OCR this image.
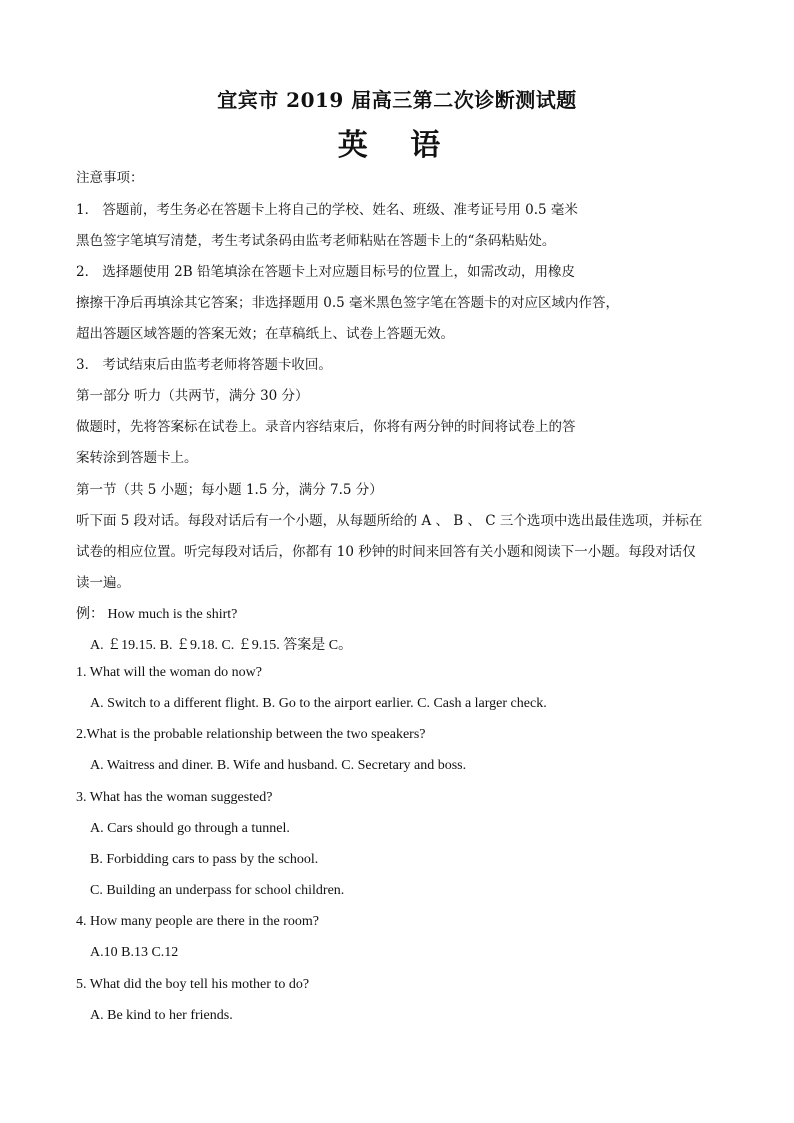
宜宾市 2019 届高三第二次诊断测试题
英 语
注意事项：
1． 答题前，考生务必在答题卡上将自己的学校、姓名、班级、准考证号用 0.5 毫米
黑色签字笔填写清楚，考生考试条码由监考老师粘贴在答题卡上的“条码粘贴处。
2． 选择题使用 2B 铅笔填涂在答题卡上对应题目标号的位置上，如需改动，用橡皮
擦擦干净后再填涂其它答案；非选择题用 0.5 毫米黑色签字笔在答题卡的对应区域内作答，
超出答题区域答题的答案无效；在草稿纸上、试卷上答题无效。
3． 考试结束后由监考老师将答题卡收回。
第一部分 听力（共两节，满分 30 分）
做题时，先将答案标在试卷上。录音内容结束后，你将有两分钟的时间将试卷上的答
案转涂到答题卡上。
第一节（共 5 小题；每小题 1.5 分，满分 7.5 分）
听下面 5 段对话。每段对话后有一个小题，从每题所给的 A 、 B 、 C 三个选项中选出最佳选项，并标在
试卷的相应位置。听完每段对话后，你都有 10 秒钟的时间来回答有关小题和阅读下一小题。每段对话仅
读一遍。
例： How much is the shirt?
A. ￡19.15. B. ￡9.18. C. ￡9.15. 答案是 C。
1. What will the woman do now?
A. Switch to a different flight. B. Go to the airport earlier. C. Cash a larger check.
2.What is the probable relationship between the two speakers?
A. Waitress and diner. B. Wife and husband. C. Secretary and boss.
3. What has the woman suggested?
A. Cars should go through a tunnel.
B. Forbidding cars to pass by the school.
C. Building an underpass for school children.
4. How many people are there in the room?
A.10 B.13 C.12
5. What did the boy tell his mother to do?
A. Be kind to her friends.
